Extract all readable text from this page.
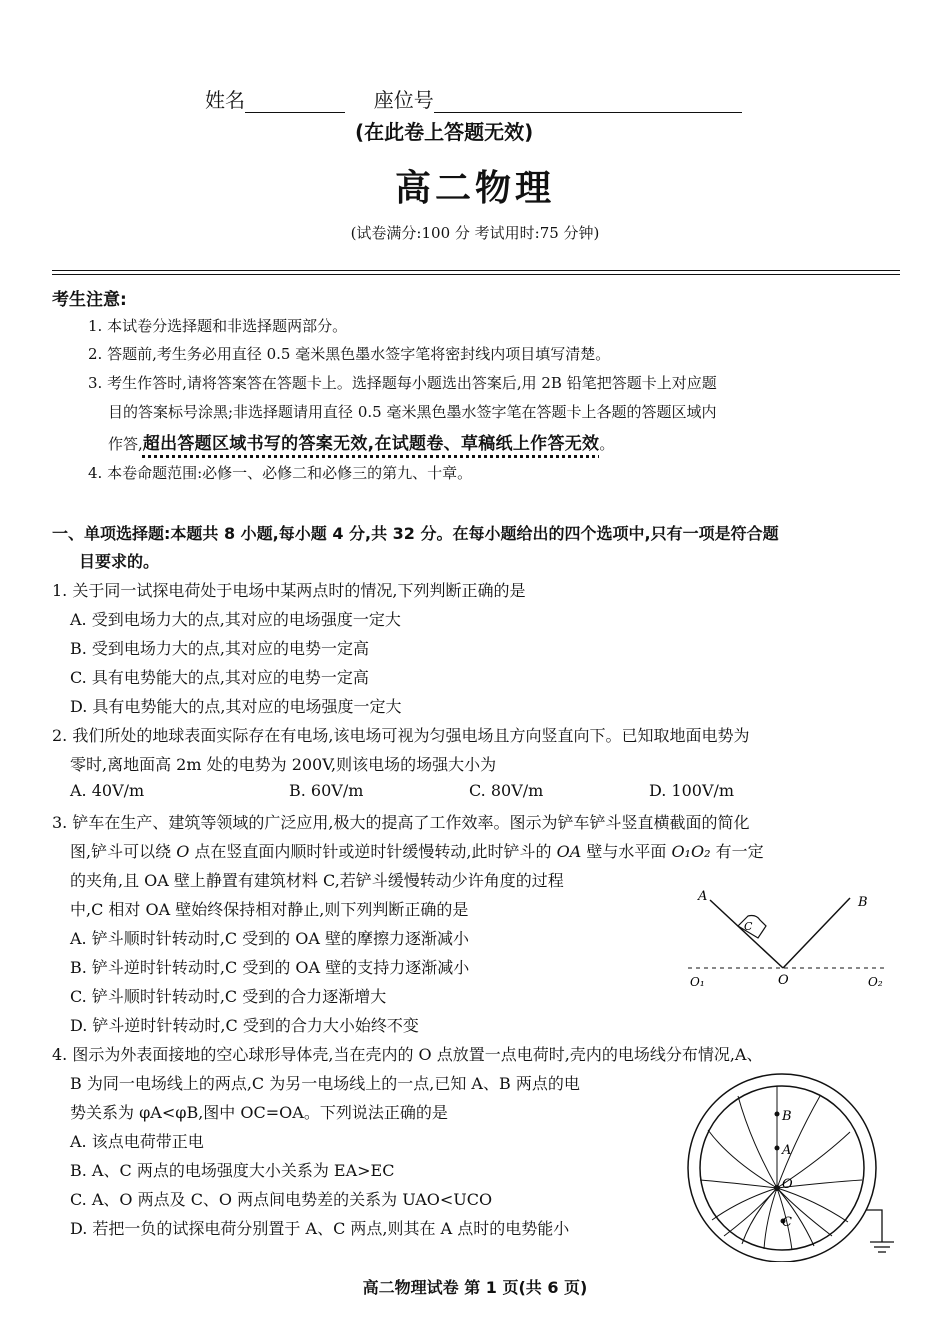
姓名	座位号
(在此卷上答题无效)
高二物理
(试卷满分:100 分 考试用时:75 分钟)
考生注意:
1. 本试卷分选择题和非选择题两部分。
2. 答题前,考生务必用直径 0.5 毫米黑色墨水签字笔将密封线内项目填写清楚。
3. 考生作答时,请将答案答在答题卡上。选择题每小题选出答案后,用 2B 铅笔把答题卡上对应题
目的答案标号涂黑;非选择题请用直径 0.5 毫米黑色墨水签字笔在答题卡上各题的答题区域内
作答,超出答题区域书写的答案无效,在试题卷、草稿纸上作答无效。
4. 本卷命题范围:必修一、必修二和必修三的第九、十章。
一、单项选择题:本题共 8 小题,每小题 4 分,共 32 分。在每小题给出的四个选项中,只有一项是符合题
目要求的。
1. 关于同一试探电荷处于电场中某两点时的情况,下列判断正确的是
A. 受到电场力大的点,其对应的电场强度一定大
B. 受到电场力大的点,其对应的电势一定高
C. 具有电势能大的点,其对应的电势一定高
D. 具有电势能大的点,其对应的电场强度一定大
2. 我们所处的地球表面实际存在有电场,该电场可视为匀强电场且方向竖直向下。已知取地面电势为
零时,离地面高 2m 处的电势为 200V,则该电场的场强大小为
A. 40V/m	B. 60V/m	C. 80V/m	D. 100V/m
3. 铲车在生产、建筑等领域的广泛应用,极大的提高了工作效率。图示为铲车铲斗竖直横截面的简化
图,铲斗可以绕 O 点在竖直面内顺时针或逆时针缓慢转动,此时铲斗的 OA 壁与水平面 O₁O₂ 有一定
的夹角,且 OA 壁上静置有建筑材料 C,若铲斗缓慢转动少许角度的过程
中,C 相对 OA 壁始终保持相对静止,则下列判断正确的是
A. 铲斗顺时针转动时,C 受到的 OA 壁的摩擦力逐渐减小
B. 铲斗逆时针转动时,C 受到的 OA 壁的支持力逐渐减小
C. 铲斗顺时针转动时,C 受到的合力逐渐增大
D. 铲斗逆时针转动时,C 受到的合力大小始终不变
A	B
C
O
O₁	O₂
4. 图示为外表面接地的空心球形导体壳,当在壳内的 O 点放置一点电荷时,壳内的电场线分布情况,A、
B 为同一电场线上的两点,C 为另一电场线上的一点,已知 A、B 两点的电
势关系为 φA<φB,图中 OC=OA。下列说法正确的是
A. 该点电荷带正电
B. A、C 两点的电场强度大小关系为 EA>EC
C. A、O 两点及 C、O 两点间电势差的关系为 UAO<UCO
D. 若把一负的试探电荷分别置于 A、C 两点,则其在 A 点时的电势能小
B
A
O
C
高二物理试卷 第 1 页(共 6 页)
